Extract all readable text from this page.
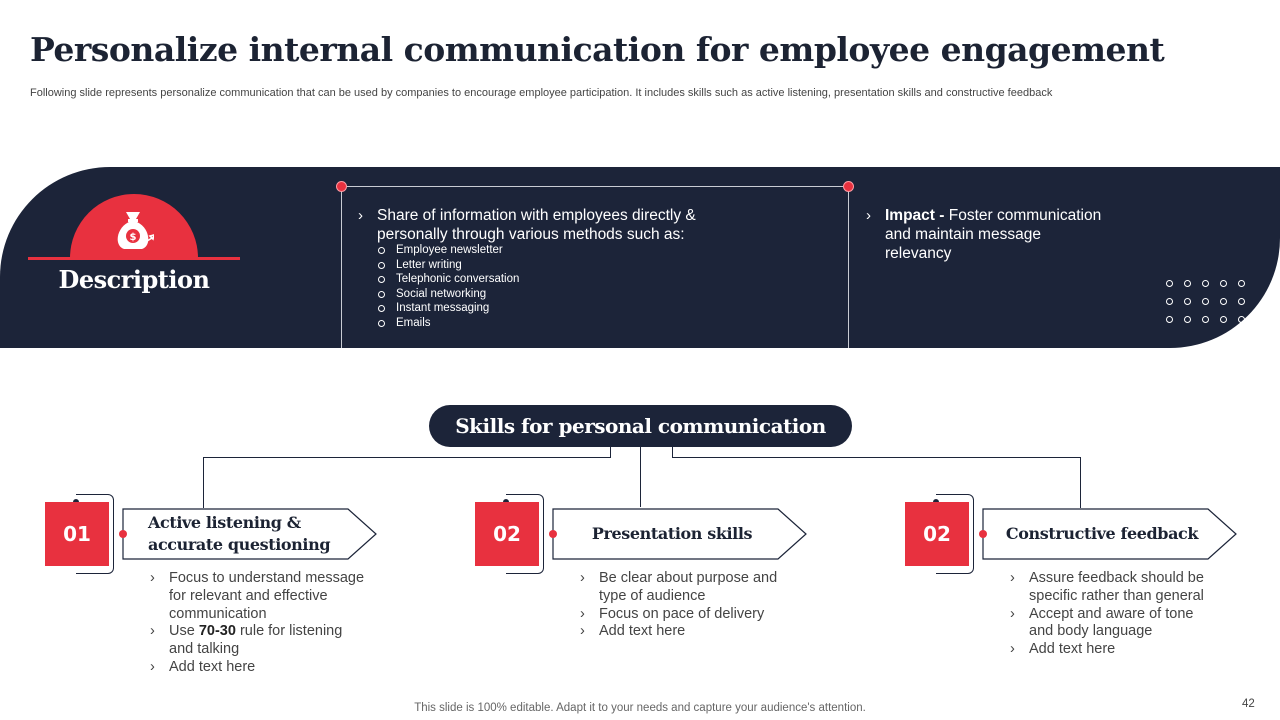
Personalize internal communication for employee engagement
Following slide represents personalize communication that can be used by companies to encourage employee participation. It includes skills such as active listening, presentation skills and constructive feedback
$
Description
› Share of information with employees directly & personally through various methods such as:
Employee newsletter
Letter writing
Telephonic conversation
Social networking
Instant messaging
Emails
› Impact - Foster communication and maintain message relevancy
Skills for personal communication
01	Active listening & accurate questioning
› Focus to understand message for relevant and effective communication
› Use 70-30 rule for listening and talking
› Add text here
02	Presentation skills
› Be clear about purpose and type of audience
› Focus on pace of delivery
› Add text here
02	Constructive feedback
› Assure feedback should be specific rather than general
› Accept and aware of tone and body language
› Add text here
This slide is 100% editable. Adapt it to your needs and capture your audience's attention.	42
